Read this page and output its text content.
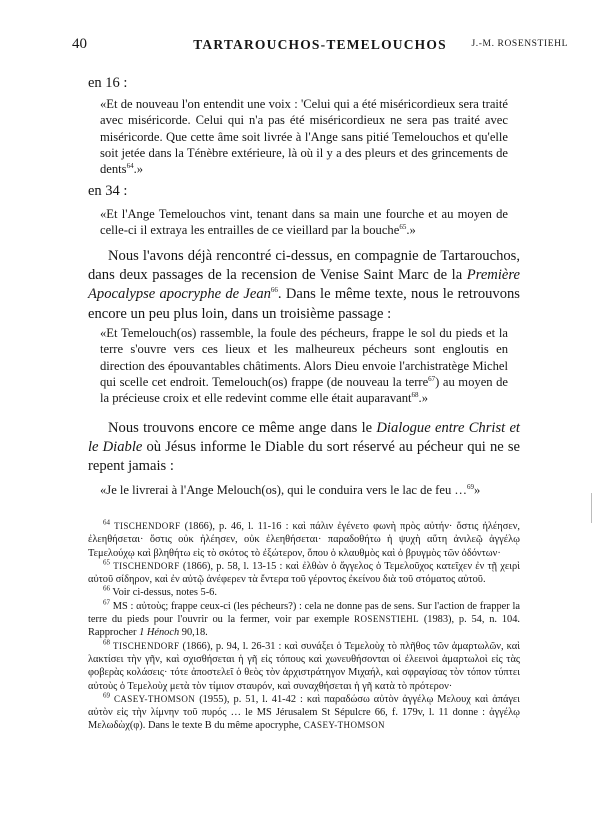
40	TARTAROUCHOS-TEMELOUCHOS	J.-M. ROSENSTIEHL
en 16 :
«Et de nouveau l'on entendit une voix : 'Celui qui a été miséricordieux sera traité avec miséricorde. Celui qui n'a pas été miséricordieux ne sera pas traité avec miséricorde. Que cette âme soit livrée à l'Ange sans pitié Temelouchos et qu'elle soit jetée dans la Ténèbre extérieure, là où il y a des pleurs et des grincements de dents$^{64}$.»
en 34 :
«Et l'Ange Temelouchos vint, tenant dans sa main une fourche et au moyen de celle-ci il extraya les entrailles de ce vieillard par la bouche$^{65}$.»
Nous l'avons déjà rencontré ci-dessus, en compagnie de Tartarouchos, dans deux passages de la recension de Venise Saint Marc de la Première Apocalypse apocryphe de Jean$^{66}$. Dans le même texte, nous le retrouvons encore un peu plus loin, dans un troisième passage :
«Et Temelouch(os) rassemble, la foule des pécheurs, frappe le sol du pieds et la terre s'ouvre vers ces lieux et les malheureux pécheurs sont engloutis en direction des épouvantables châtiments. Alors Dieu envoie l'archistratège Michel qui scelle cet endroit. Temelouch(os) frappe (de nouveau la terre$^{67}$) au moyen de la précieuse croix et elle redevint comme elle était auparavant$^{68}$.»
Nous trouvons encore ce même ange dans le Dialogue entre Christ et le Diable où Jésus informe le Diable du sort réservé au pécheur qui ne se repent jamais :
«Je le livrerai à l'Ange Melouch(os), qui le conduira vers le lac de feu …$^{69}$»

$^{64}$ TISCHENDORF (1866), p. 46, l. 11-16 : καὶ πάλιν ἐγένετο φωνὴ πρὸς αὐτήν· ὅστις ἠλέησεν, ἐλεηθήσεται· ὅστις οὐκ ἠλέησεν, οὐκ ἐλεηθήσεται· παραδοθήτω ἡ ψυχὴ αὕτη ἀνιλεῷ ἀγγέλῳ Τεμελούχῳ καὶ βληθήτω εἰς τὸ σκότος τὸ ἐξώτερον, ὅπου ὁ κλαυθμὸς καὶ ὁ βρυγμὸς τῶν ὀδόντων·

$^{65}$ TISCHENDORF (1866), p. 58, l. 13-15 : καὶ ἐλθὼν ὁ ἄγγελος ὁ Τεμελοῦχος κατεῖχεν ἐν τῇ χειρὶ αὐτοῦ σίδηρον, καὶ ἐν αὐτῷ ἀνέφερεν τὰ ἔντερα τοῦ γέροντος ἐκείνου διὰ τοῦ στόματος αὐτοῦ.

$^{66}$ Voir ci-dessus, notes 5-6.

$^{67}$ MS : αὐτοὺς; frappe ceux-ci (les pécheurs?) : cela ne donne pas de sens. Sur l'action de frapper la terre du pieds pour l'ouvrir ou la fermer, voir par exemple ROSENSTIEHL (1983), p. 54, n. 104. Rapprocher 1 Hénoch 90,18.

$^{68}$ TISCHENDORF (1866), p. 94, l. 26-31 : καὶ συνάξει ὁ Τεμελοὺχ τὸ πλῆθος τῶν ἁμαρτωλῶν, καὶ λακτίσει τὴν γῆν, καὶ σχισθήσεται ἡ γῆ εἰς τόπους καὶ χωνευθήσονται οἱ ἐλεεινοὶ ἁμαρτωλοὶ εἰς τὰς φοβερὰς κολάσεις· τότε ἀποστελεῖ ὁ θεὸς τὸν ἀρχιστράτηγον Μιχαήλ, καὶ σφραγίσας τὸν τόπον τύπτει αὐτοὺς ὁ Τεμελοὺχ μετὰ τὸν τίμιον σταυρόν, καὶ συναχθήσεται ἡ γῆ κατὰ τὸ πρότερον·

$^{69}$ CASEY-THOMSON (1955), p. 51, l. 41-42 : καὶ παραδώσω αὐτὸν ἀγγέλῳ Μελουχ καὶ ἀπάγει αὐτὸν εἰς τὴν λίμνην τοῦ πυρός … le MS Jérusalem St Sépulcre 66, f. 179v, l. 11 donne : ἀγγέλῳ Μελωδὼχ(φ). Dans le texte B du même apocryphe, CASEY-THOMSON
